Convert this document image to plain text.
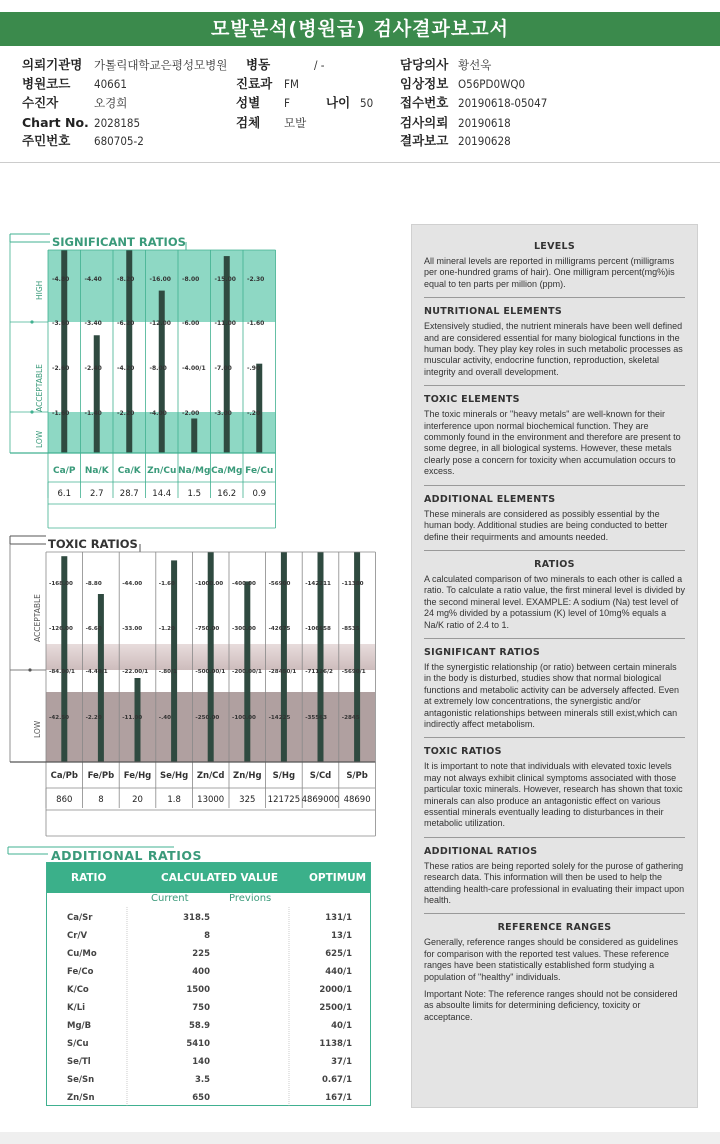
모발분석(병원급) 검사결과보고서
의뢰기관명 가톨릭대학교은평성모병원
병원코드 40661
수진자	오경희
Chart No. 2028185
주민번호 680705-2
병동	/ -
진료과 FM
성별 F
검체 모발
나이 50
담당의사 황선욱
임상정보 O56PD0WQ0
접수번호 20190618-05047
검사의뢰 20190618
결과보고 20190628
SIGNIFICANT RATIOS
HIGH
ACCEPTABLE
LOW
-4.80
-3.60
-2.60
-1.60
Ca/P
6.1
-4.40
-3.40
-2.40
-1.40
Na/K
2.7
-8.20
-6.20
-4.20
-2.20
Ca/K
28.7
-16.00
-12.00
-8.00
-4.00
Zn/Cu
14.4
-8.00
-6.00
-4.00/1
-2.00
Na/Mg
1.5
-15.00
-11.00
-7.00
-3.00
Ca/Mg
16.2
-2.30
-1.60
-.90
-.20
Fe/Cu
0.9
TOXIC RATIOS
ACCEPTABLE
LOW
-168.00
-126.00
-84.00/1
-42.50
Ca/Pb
860
-8.80
-6.60
-4.40/1
-2.20
Fe/Pb
8
-44.00
-33.00
-22.00/1
-11.00
Fe/Hg
20
-1.60
-1.20
-.80/1
-.40
Se/Hg
1.8
-1000.00
-750.00
-500.00/1
-250.00
Zn/Cd
13000
-400.00
-300.00
-200.00/1
-100.00
Zn/Hg
325
-56900
-42675
-28450/1
-14225
S/Hg
121725
-142211
-106658
-71126/2
-35563
S/Cd
4869000
-11380
-8535
-5690/1
-2845
S/Pb
48690
ADDITIONAL RATIOS
RATIO	CALCULATED VALUE	OPTIMUM
Current	Previons
Ca/Sr	318.5	131/1
Cr/V	8	13/1
Cu/Mo	225	625/1
Fe/Co	400	440/1
K/Co	1500	2000/1
K/Li	750	2500/1
Mg/B	58.9	40/1
S/Cu	5410	1138/1
Se/Tl	140	37/1
Se/Sn	3.5	0.67/1
Zn/Sn	650	167/1
LEVELS

All mineral levels are reported in milligrams percent (milligrams per one-hundred grams of hair). One milligram percent(mg%)is equal to ten parts per million (ppm).

NUTRITIONAL ELEMENTS

Extensively studied, the nutrient minerals have been well defined and are considered essential for many biological functions in the human body. They play key roles in such metabolic processes as muscular activity, endocrine function, reproduction, skeletal integrity and overall development.

TOXIC ELEMENTS

The toxic minerals or "heavy metals" are well-known for their interference upon normal biochemical function. They are commonly found in the environment and therefore are present to some degree, in all biological systems. However, these metals clearly pose a concern for toxicity when accumulation occurs to excess.

ADDITIONAL ELEMENTS

These minerals are considered as possibly essential by the human body. Additional studies are being conducted to better define their requirments and amounts needed.

RATIOS

A calculated comparison of two minerals to each other is called a ratio. To calculate a ratio value, the first mineral level is divided by the second mineral level. EXAMPLE: A sodium (Na) test level of 24 mg% divided by a potassium (K) level of 10mg% equals a Na/K ratio of 2.4 to 1.

SIGNIFICANT RATIOS

If the synergistic relationship (or ratio) between certain minerals in the body is disturbed, studies show that normal biological functions and metabolic activity can be adversely affected. Even at extremely low concentrations, the synergistic and/or antagonistic relationships between minerals still exist,which can indirectly affect metabolism.

TOXIC RATIOS

It is important to note that individuals with elevated toxic levels may not always exhibit clinical symptoms associated with those particular toxic minerals. However, research has shown that toxic minerals can also produce an antagonistic effect on various essential minerals eventually leading to disturbances in their metabolic utilization.

ADDITIONAL RATIOS

These ratios are being reported solely for the purose of gathering research data. This information will then be used to help the attending health-care professional in evaluating their impact upon health.

REFERENCE RANGES

Generally, reference ranges should be considered as guidelines for comparison with the reported test values. These reference ranges have been statistically established form studying a population of "healthy" individuals.

Important Note: The reference ranges should not be considered as absoulte limits for determining deficiency, toxicity or acceptance.
